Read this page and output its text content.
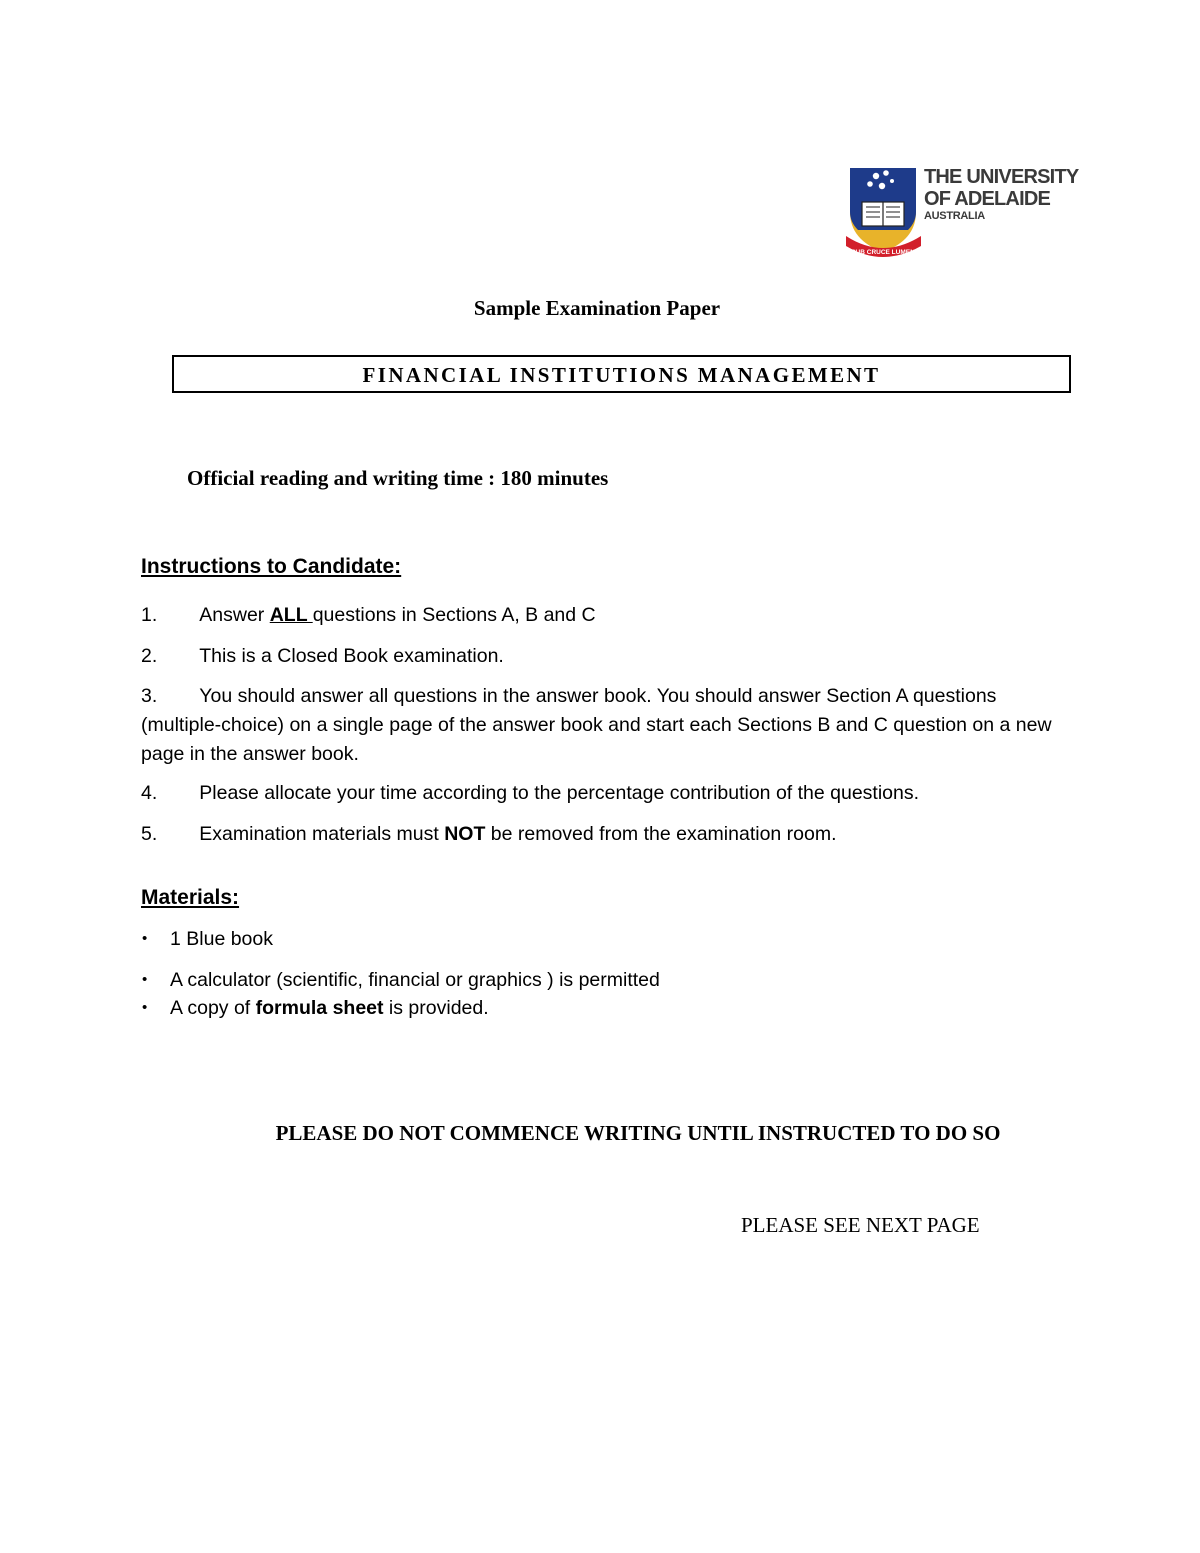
SUB CRUCE LUMEN
THE UNIVERSITY
OF ADELAIDE
AUSTRALIA
Sample Examination Paper
FINANCIAL INSTITUTIONS MANAGEMENT
Official reading and writing time : 180 minutes
Instructions to Candidate:
1. Answer ALL questions in Sections A, B and C
2. This is a Closed Book examination.
3. You should answer all questions in the answer book. You should answer Section A questions (multiple-choice) on a single page of the answer book and start each Sections B and C question on a new page in the answer book.
4. Please allocate your time according to the percentage contribution of the questions.
5. Examination materials must NOT be removed from the examination room.
Materials:
• 1 Blue book
• A calculator (scientific, financial or graphics ) is permitted
• A copy of formula sheet is provided.
PLEASE DO NOT COMMENCE WRITING UNTIL INSTRUCTED TO DO SO
PLEASE SEE NEXT PAGE
